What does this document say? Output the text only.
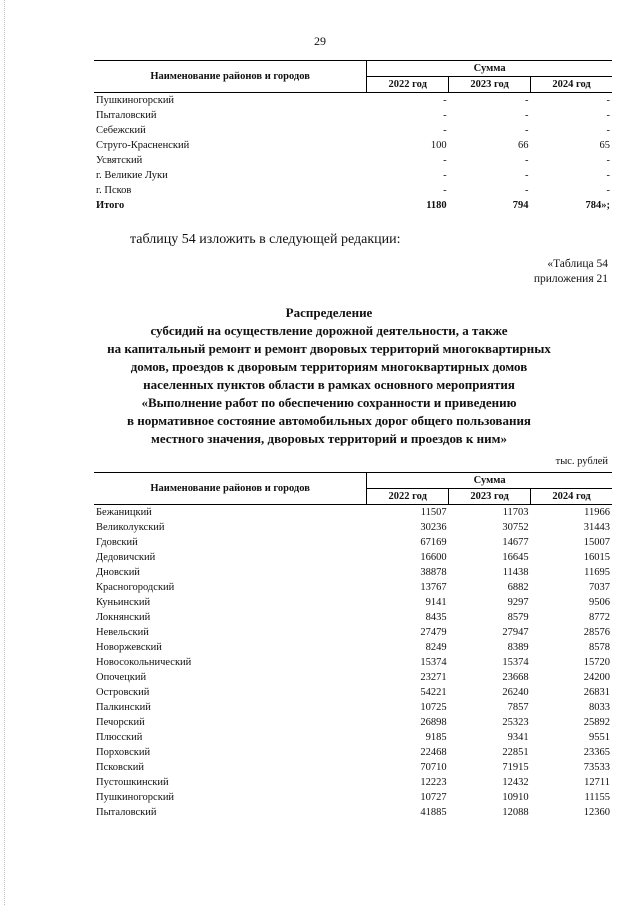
29
Наименование районов и городов	Сумма		
	2022 год	2023 год	2024 год
Пушкиногорский	-	-	-
Пыталовский	-	-	-
Себежский	-	-	-
Струго-Красненский	100	66	65
Усвятский	-	-	-
г. Великие Луки	-	-	-
г. Псков	-	-	-
Итого	1180	794	784»;
таблицу 54 изложить в следующей редакции:
«Таблица 54
приложения 21
Распределение
субсидий на осуществление дорожной деятельности, а также
на капитальный ремонт и ремонт дворовых территорий многоквартирных
домов, проездов к дворовым территориям многоквартирных домов
населенных пунктов области в рамках основного мероприятия
«Выполнение работ по обеспечению сохранности и приведению
в нормативное состояние автомобильных дорог общего пользования
местного значения, дворовых территорий и проездов к ним»
тыс. рублей
Наименование районов и городов	Сумма		
	2022 год	2023 год	2024 год
Бежаницкий	11507	11703	11966
Великолукский	30236	30752	31443
Гдовский	67169	14677	15007
Дедовичский	16600	16645	16015
Дновский	38878	11438	11695
Красногородский	13767	6882	7037
Куньинский	9141	9297	9506
Локнянский	8435	8579	8772
Невельский	27479	27947	28576
Новоржевский	8249	8389	8578
Новосокольнический	15374	15374	15720
Опочецкий	23271	23668	24200
Островский	54221	26240	26831
Палкинский	10725	7857	8033
Печорский	26898	25323	25892
Плюсский	9185	9341	9551
Порховский	22468	22851	23365
Псковский	70710	71915	73533
Пустошкинский	12223	12432	12711
Пушкиногорский	10727	10910	11155
Пыталовский	41885	12088	12360
